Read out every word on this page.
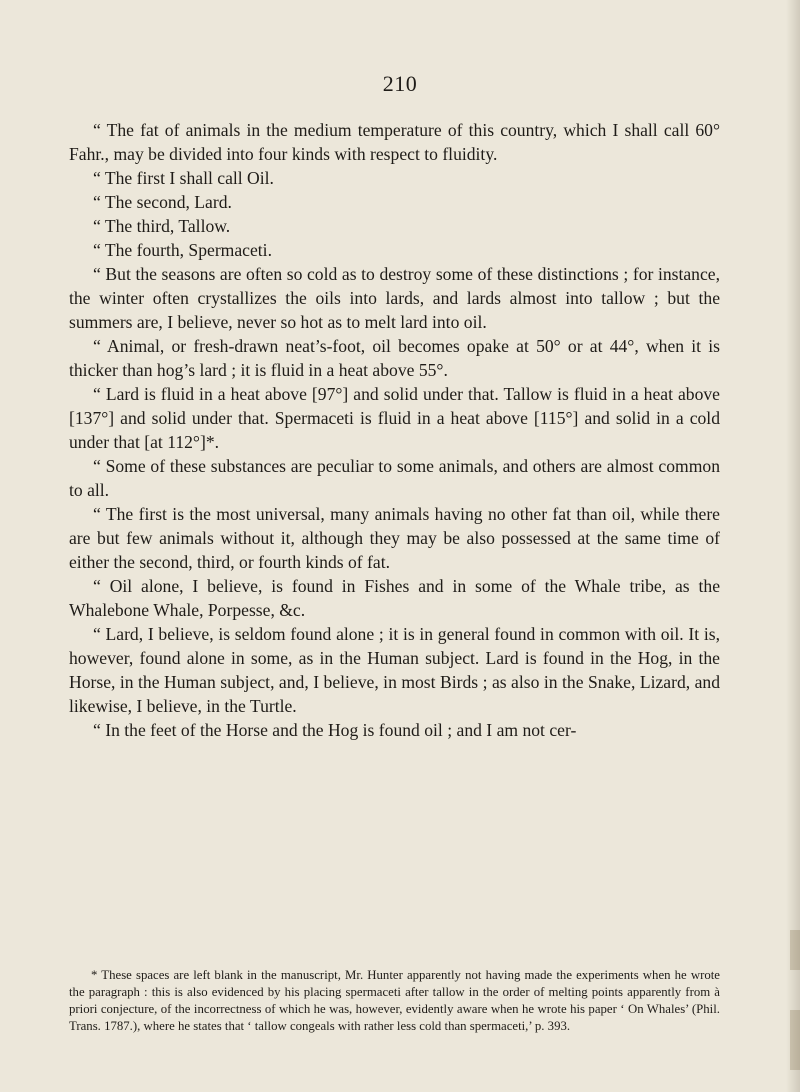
210

“ The fat of animals in the medium temperature of this country, which I shall call 60° Fahr., may be divided into four kinds with respect to fluidity.

“ The first I shall call Oil.

“ The second, Lard.

“ The third, Tallow.

“ The fourth, Spermaceti.

“ But the seasons are often so cold as to destroy some of these distinctions ; for instance, the winter often crystallizes the oils into lards, and lards almost into tallow ; but the summers are, I believe, never so hot as to melt lard into oil.

“ Animal, or fresh-drawn neat’s-foot, oil becomes opake at 50° or at 44°, when it is thicker than hog’s lard ; it is fluid in a heat above 55°.

“ Lard is fluid in a heat above [97°] and solid under that. Tallow is fluid in a heat above [137°] and solid under that. Spermaceti is fluid in a heat above [115°] and solid in a cold under that [at 112°]*.

“ Some of these substances are peculiar to some animals, and others are almost common to all.

“ The first is the most universal, many animals having no other fat than oil, while there are but few animals without it, although they may be also possessed at the same time of either the second, third, or fourth kinds of fat.

“ Oil alone, I believe, is found in Fishes and in some of the Whale tribe, as the Whalebone Whale, Porpesse, &c.

“ Lard, I believe, is seldom found alone ; it is in general found in common with oil. It is, however, found alone in some, as in the Human subject. Lard is found in the Hog, in the Horse, in the Human subject, and, I believe, in most Birds ; as also in the Snake, Lizard, and likewise, I believe, in the Turtle.

“ In the feet of the Horse and the Hog is found oil ; and I am not cer-

* These spaces are left blank in the manuscript, Mr. Hunter apparently not having made the experiments when he wrote the paragraph : this is also evidenced by his placing spermaceti after tallow in the order of melting points apparently from à priori conjecture, of the incorrectness of which he was, however, evidently aware when he wrote his paper ‘ On Whales’ (Phil. Trans. 1787.), where he states that ‘ tallow congeals with rather less cold than spermaceti,’ p. 393.
